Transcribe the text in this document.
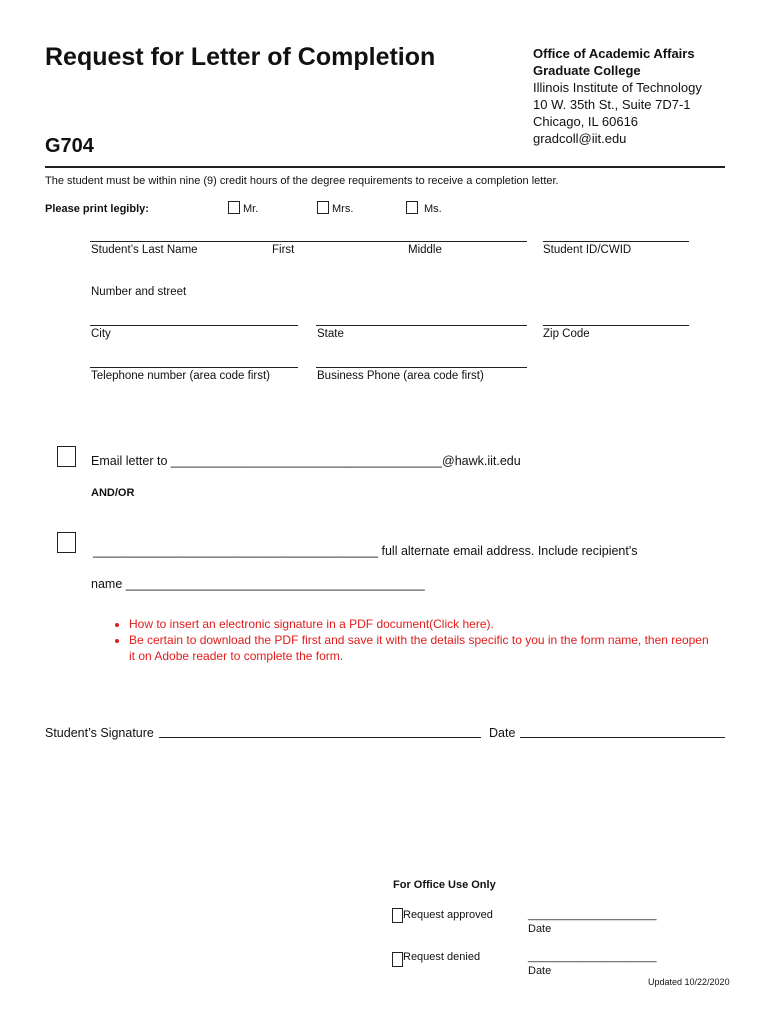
Request for Letter of Completion
G704
Office of Academic Affairs
Graduate College
Illinois Institute of Technology
10 W. 35th St., Suite 7D7-1
Chicago, IL 60616
gradcoll@iit.edu
The student must be within nine (9) credit hours of the degree requirements to receive a completion letter.
Please print legibly:	Mr.	Mrs.	Ms.
Student’s Last Name	First	Middle	Student ID/CWID
Number and street
City	State	Zip Code
Telephone number (area code first)	Business Phone (area code first)
Email letter to _______________________________________@hawk.iit.edu
AND/OR
_________________________________________ full alternate email address. Include recipient's
name ___________________________________________
• How to insert an electronic signature in a PDF document(Click here).
• Be certain to download the PDF first and save it with the details specific to you in the form name, then reopen it on Adobe reader to complete the form.
Student’s Signature	Date
For Office Use Only
Request approved	_____________________
Date
Request denied	_____________________
Date
Updated 10/22/2020
